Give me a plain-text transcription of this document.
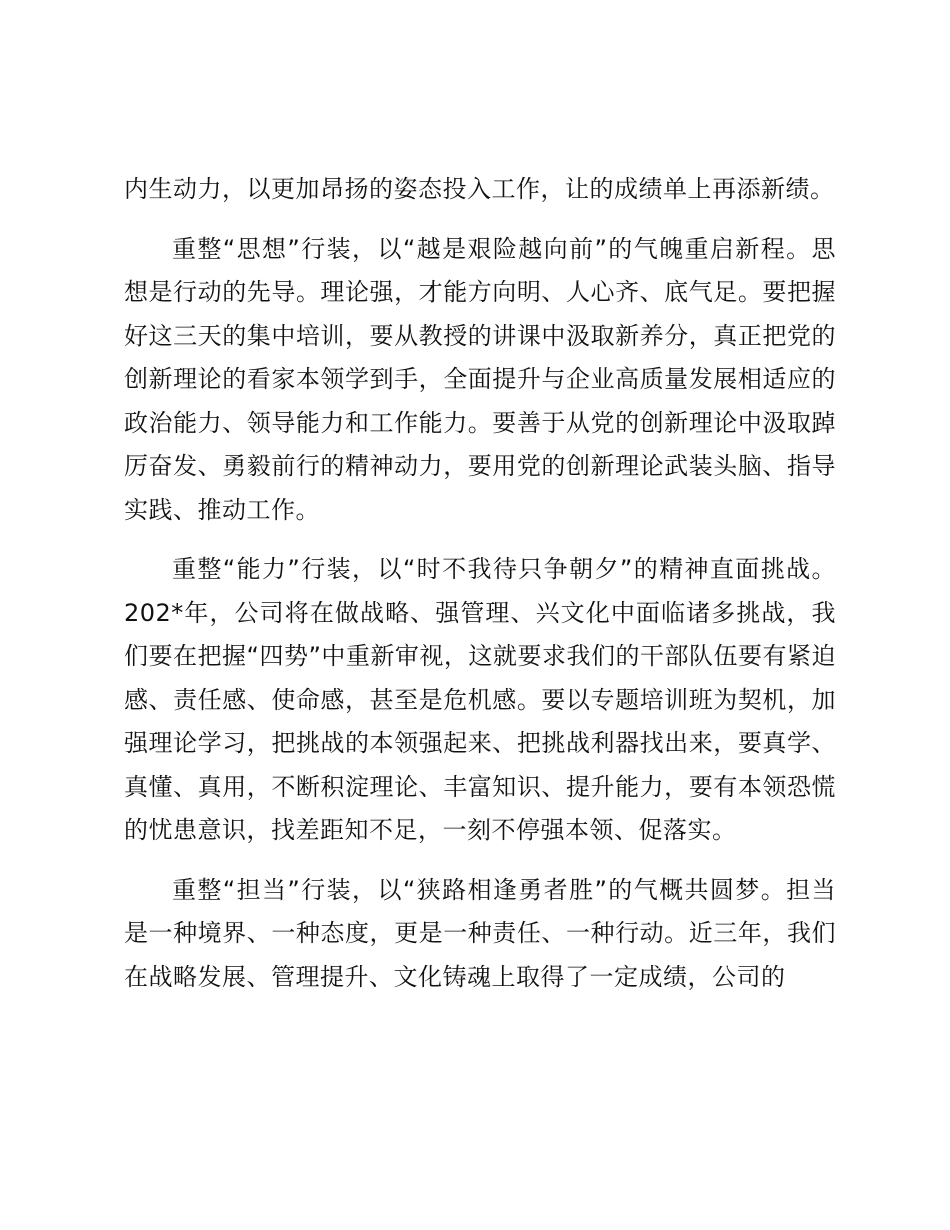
内生动力，以更加昂扬的姿态投入工作，让的成绩单上再添新绩。

重整“思想”行装，以“越是艰险越向前”的气魄重启新程。思想是行动的先导。理论强，才能方向明、人心齐、底气足。要把握好这三天的集中培训，要从教授的讲课中汲取新养分，真正把党的创新理论的看家本领学到手，全面提升与企业高质量发展相适应的政治能力、领导能力和工作能力。要善于从党的创新理论中汲取踔厉奋发、勇毅前行的精神动力，要用党的创新理论武装头脑、指导实践、推动工作。

重整“能力”行装，以“时不我待只争朝夕”的精神直面挑战。202*年，公司将在做战略、强管理、兴文化中面临诸多挑战，我们要在把握“四势”中重新审视，这就要求我们的干部队伍要有紧迫感、责任感、使命感，甚至是危机感。要以专题培训班为契机，加强理论学习，把挑战的本领强起来、把挑战利器找出来，要真学、真懂、真用，不断积淀理论、丰富知识、提升能力，要有本领恐慌的忧患意识，找差距知不足，一刻不停强本领、促落实。

重整“担当”行装，以“狭路相逢勇者胜”的气概共圆梦。担当是一种境界、一种态度，更是一种责任、一种行动。近三年，我们在战略发展、管理提升、文化铸魂上取得了一定成绩，公司的
